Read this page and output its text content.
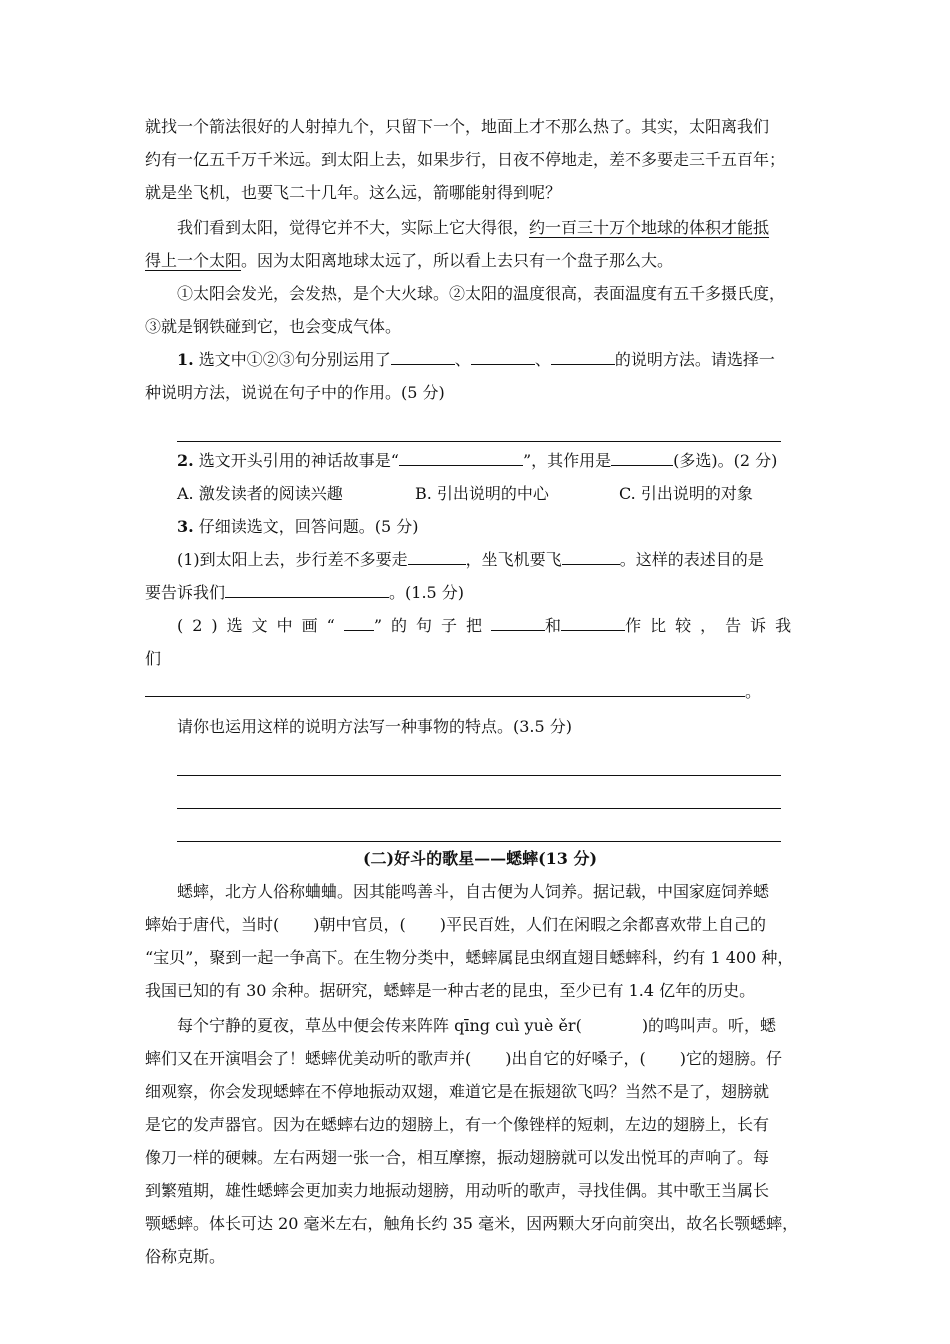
就找一个箭法很好的人射掉九个，只留下一个，地面上才不那么热了。其实，太阳离我们

约有一亿五千万千米远。到太阳上去，如果步行，日夜不停地走，差不多要走三千五百年；

就是坐飞机，也要飞二十几年。这么远，箭哪能射得到呢？

我们看到太阳，觉得它并不大，实际上它大得很，约一百三十万个地球的体积才能抵

得上一个太阳。因为太阳离地球太远了，所以看上去只有一个盘子那么大。

①太阳会发光，会发热，是个大火球。②太阳的温度很高，表面温度有五千多摄氏度，

③就是钢铁碰到它，也会变成气体。

1. 选文中①②③句分别运用了	、	、	的说明方法。请选择一

种说明方法，说说在句子中的作用。(5 分)

2. 选文开头引用的神话故事是“	”，其作用是	(多选)。(2 分)

A. 激发读者的阅读兴趣	B. 引出说明的中心	C. 引出说明的对象

3. 仔细读选文，回答问题。(5 分)

(1)到太阳上去，步行差不多要走	，坐飞机要飞	。这样的表述目的是

要告诉我们	。(1.5 分)

(2)选文中画“ ”的句子把	和	作比较，告诉我们

。

请你也运用这样的说明方法写一种事物的特点。(3.5 分)

(二)好斗的歌星——蟋蟀(13 分)

蟋蟀，北方人俗称蛐蛐。因其能鸣善斗，自古便为人饲养。据记载，中国家庭饲养蟋

蟀始于唐代，当时( )朝中官员，( )平民百姓，人们在闲暇之余都喜欢带上自己的

“宝贝”，聚到一起一争高下。在生物分类中，蟋蟀属昆虫纲直翅目蟋蟀科，约有 1 400 种，

我国已知的有 30 余种。据研究，蟋蟀是一种古老的昆虫，至少已有 1.4 亿年的历史。

每个宁静的夏夜，草丛中便会传来阵阵 qīng cuì yuè ěr(	)的鸣叫声。听，蟋

蟀们又在开演唱会了！蟋蟀优美动听的歌声并( )出自它的好嗓子，( )它的翅膀。仔

细观察，你会发现蟋蟀在不停地振动双翅，难道它是在振翅欲飞吗？当然不是了，翅膀就

是它的发声器官。因为在蟋蟀右边的翅膀上，有一个像锉样的短刺，左边的翅膀上，长有

像刀一样的硬棘。左右两翅一张一合，相互摩擦，振动翅膀就可以发出悦耳的声响了。每

到繁殖期，雄性蟋蟀会更加卖力地振动翅膀，用动听的歌声，寻找佳偶。其中歌王当属长

颚蟋蟀。体长可达 20 毫米左右，触角长约 35 毫米，因两颗大牙向前突出，故名长颚蟋蟀，

俗称克斯。
